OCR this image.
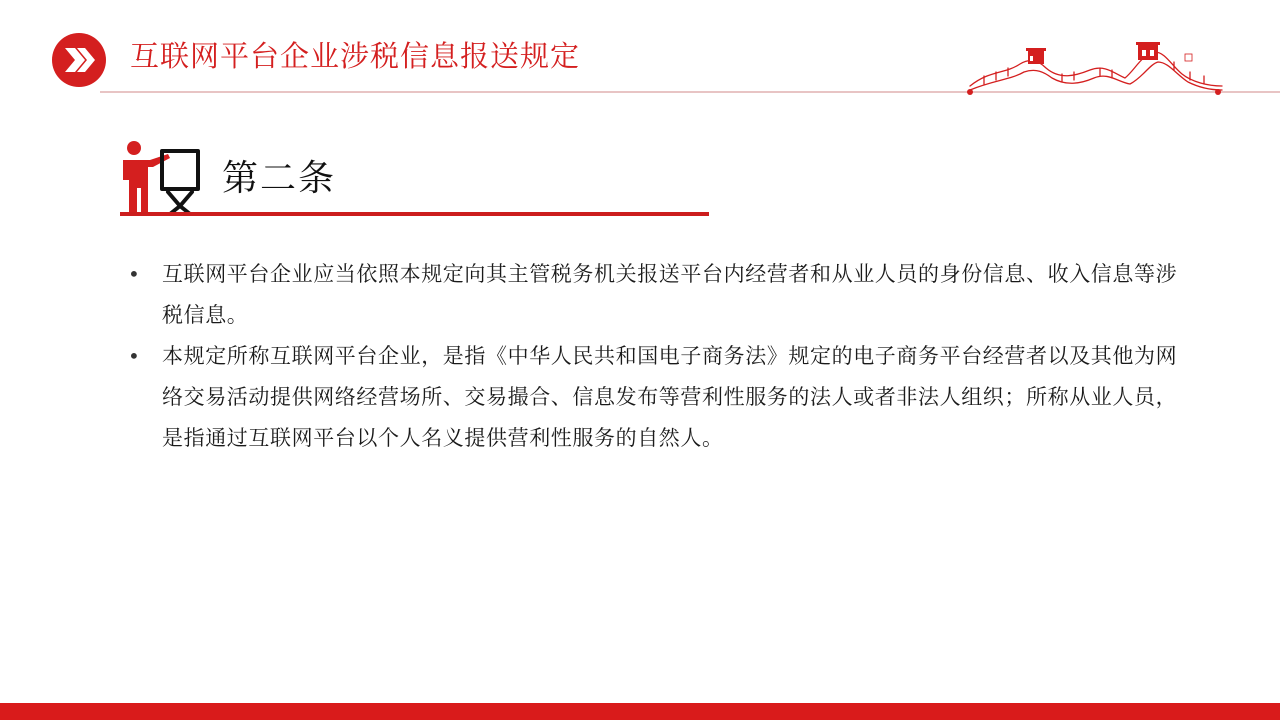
互联网平台企业涉税信息报送规定
第二条
• 互联网平台企业应当依照本规定向其主管税务机关报送平台内经营者和从业人员的身份信息、收入信息等涉税信息。
• 本规定所称互联网平台企业，是指《中华人民共和国电子商务法》规定的电子商务平台经营者以及其他为网络交易活动提供网络经营场所、交易撮合、信息发布等营利性服务的法人或者非法人组织；所称从业人员，是指通过互联网平台以个人名义提供营利性服务的自然人。
